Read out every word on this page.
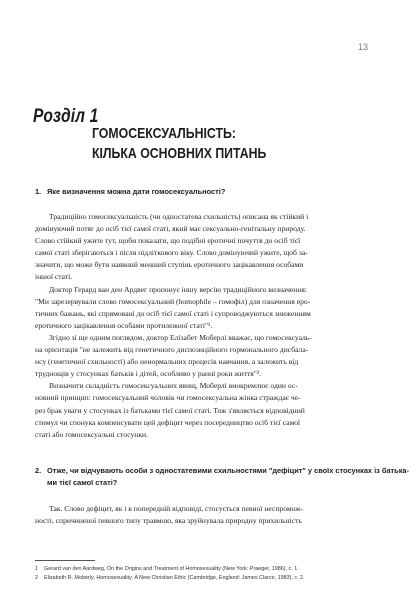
13
Розділ 1
ГОМОСЕКСУАЛЬНІСТЬ:
КІЛЬКА ОСНОВНИХ ПИТАНЬ
1. Яке визначення можна дати гомосексуальності?
Традиційно гомосексуальність (чи одностатева схильність) описана як стійкий і
домінуючий потяг до осіб тієї самої статі, який має сексуально-генітальну природу.
Слово стійкий ужите тут, щоби показати, що подібні еротичні почуття до осіб тієї
самої статі зберігаються і після підліткового віку. Слово домінуючий ужите, щоб за-
значити, що може бути наявний менший ступінь еротичного зацікавлення особами
іншої статі.
Доктор Герард ван ден Ардвег пропонує іншу версію традиційного визначення:
"Ми зарезервували слово гомосексуальний (homophile – гомофіл) для означення еро-
тичних бажань, які спрямовані до осіб тієї самої статі і супроводжуються зниженням
еротичного зацікавлення особами протилежної статі"¹.
Згідно зі ще одним поглядом, доктор Елізабет Моберлі вважає, що гомосексуаль-
на орієнтація "не залежить від генетичного диспозиційного гормонального дисбала-
нсу (генетичної схильності) або ненормальних процесів навчання, а залежить від
труднощів у стосунках батьків і дітей, особливо у ранні роки життя"².
Визначити складність гомосексуальних явищ, Моберлі виокремлює один ос-
новний принцип: гомосексуальний чоловік чи гомосексуальна жінка страждає че-
рез брак уваги у стосунках із батьками тієї самої статі. Тож з'являється відповідний
стимул чи спонука компенсувати цей дефіцит через посередництво осіб тієї самої
статі або гомосексуальні стосунки.
2. Отже, чи відчувають особи з одностатевими схильностями "дефіцит" у своїх стосунках із батька-
ми тієї самої статі?
Так. Слово дефіцит, як і в попередній відповіді, стосується певної неспромож-
ності, спричиненої певного типу травмою, яка зруйнувала природну прихильність
1 Gerard van den Aardweg, On the Origins and Treatment of Homosexuality (New York: Praeger, 1986), c. 1.
2 Elizabeth R. Moberly, Homosexuality: A New Christian Ethic (Cambridge, England: James Clarce, 1983), c. 2.
